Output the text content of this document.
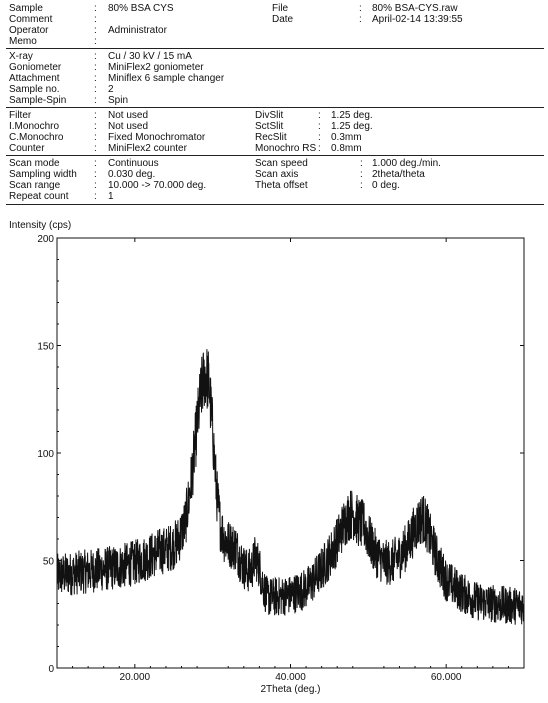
Sample	: 80% BSA CYS	File	: 80% BSA-CYS.raw
Comment	:	Date	: April-02-14 13:39:55
Operator	: Administrator
Memo	:
X-ray	: Cu / 30 kV / 15 mA
Goniometer	: MiniFlex2 goniometer
Attachment	: Miniflex 6 sample changer
Sample no.	: 2
Sample-Spin	: Spin
Filter	: Not used	DivSlit	: 1.25 deg.
I.Monochro	: Not used	SctSlit	: 1.25 deg.
C.Monochro	: Fixed Monochromator	RecSlit	: 0.3mm
Counter	: MiniFlex2 counter	Monochro RS : 0.8mm
Scan mode	: Continuous	Scan speed	: 1.000 deg./min.
Sampling width : 0.030 deg.	Scan axis	: 2theta/theta
Scan range	: 10.000 -> 70.000 deg.	Theta offset	: 0 deg.
Repeat count	: 1
Intensity (cps)
0
50
100
150
200
20.000	40.000	60.000
2Theta (deg.)
